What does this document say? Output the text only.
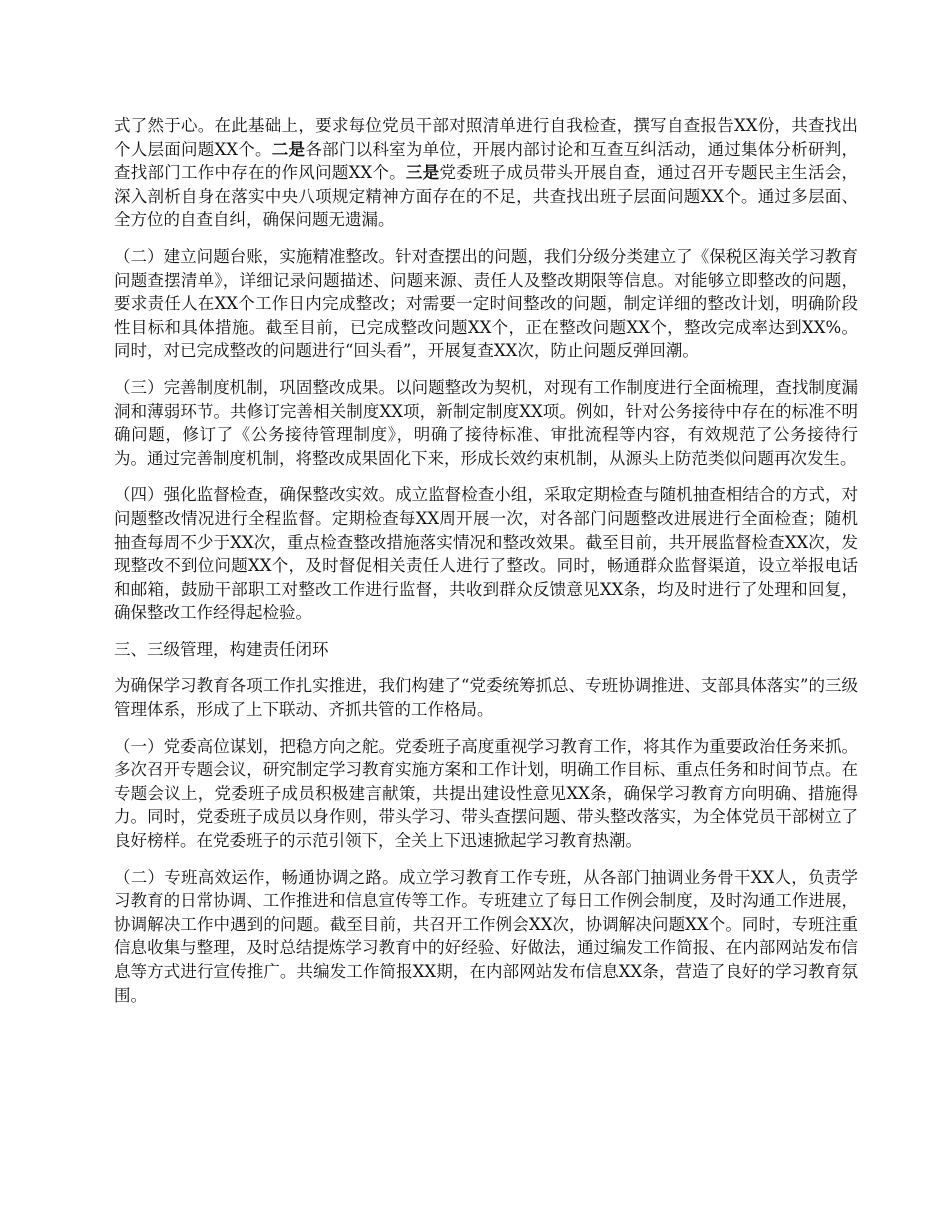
式了然于心。在此基础上，要求每位党员干部对照清单进行自我检查，撰写自查报告XX份，共查找出个人层面问题XX个。二是各部门以科室为单位，开展内部讨论和互查互纠活动，通过集体分析研判，查找部门工作中存在的作风问题XX个。三是党委班子成员带头开展自查，通过召开专题民主生活会，深入剖析自身在落实中央八项规定精神方面存在的不足，共查找出班子层面问题XX个。通过多层面、全方位的自查自纠，确保问题无遗漏。

（二）建立问题台账，实施精准整改。针对查摆出的问题，我们分级分类建立了《保税区海关学习教育问题查摆清单》，详细记录问题描述、问题来源、责任人及整改期限等信息。对能够立即整改的问题，要求责任人在XX个工作日内完成整改；对需要一定时间整改的问题，制定详细的整改计划，明确阶段性目标和具体措施。截至目前，已完成整改问题XX个，正在整改问题XX个，整改完成率达到XX%。同时，对已完成整改的问题进行“回头看”，开展复查XX次，防止问题反弹回潮。

（三）完善制度机制，巩固整改成果。以问题整改为契机，对现有工作制度进行全面梳理，查找制度漏洞和薄弱环节。共修订完善相关制度XX项，新制定制度XX项。例如，针对公务接待中存在的标准不明确问题，修订了《公务接待管理制度》，明确了接待标准、审批流程等内容，有效规范了公务接待行为。通过完善制度机制，将整改成果固化下来，形成长效约束机制，从源头上防范类似问题再次发生。

（四）强化监督检查，确保整改实效。成立监督检查小组，采取定期检查与随机抽查相结合的方式，对问题整改情况进行全程监督。定期检查每XX周开展一次，对各部门问题整改进展进行全面检查；随机抽查每周不少于XX次，重点检查整改措施落实情况和整改效果。截至目前，共开展监督检查XX次，发现整改不到位问题XX个，及时督促相关责任人进行了整改。同时，畅通群众监督渠道，设立举报电话和邮箱，鼓励干部职工对整改工作进行监督，共收到群众反馈意见XX条，均及时进行了处理和回复，确保整改工作经得起检验。

三、三级管理，构建责任闭环

为确保学习教育各项工作扎实推进，我们构建了“党委统筹抓总、专班协调推进、支部具体落实”的三级管理体系，形成了上下联动、齐抓共管的工作格局。

（一）党委高位谋划，把稳方向之舵。党委班子高度重视学习教育工作，将其作为重要政治任务来抓。多次召开专题会议，研究制定学习教育实施方案和工作计划，明确工作目标、重点任务和时间节点。在专题会议上，党委班子成员积极建言献策，共提出建设性意见XX条，确保学习教育方向明确、措施得力。同时，党委班子成员以身作则，带头学习、带头查摆问题、带头整改落实，为全体党员干部树立了良好榜样。在党委班子的示范引领下，全关上下迅速掀起学习教育热潮。

（二）专班高效运作，畅通协调之路。成立学习教育工作专班，从各部门抽调业务骨干XX人，负责学习教育的日常协调、工作推进和信息宣传等工作。专班建立了每日工作例会制度，及时沟通工作进展，协调解决工作中遇到的问题。截至目前，共召开工作例会XX次，协调解决问题XX个。同时，专班注重信息收集与整理，及时总结提炼学习教育中的好经验、好做法，通过编发工作简报、在内部网站发布信息等方式进行宣传推广。共编发工作简报XX期，在内部网站发布信息XX条，营造了良好的学习教育氛围。
